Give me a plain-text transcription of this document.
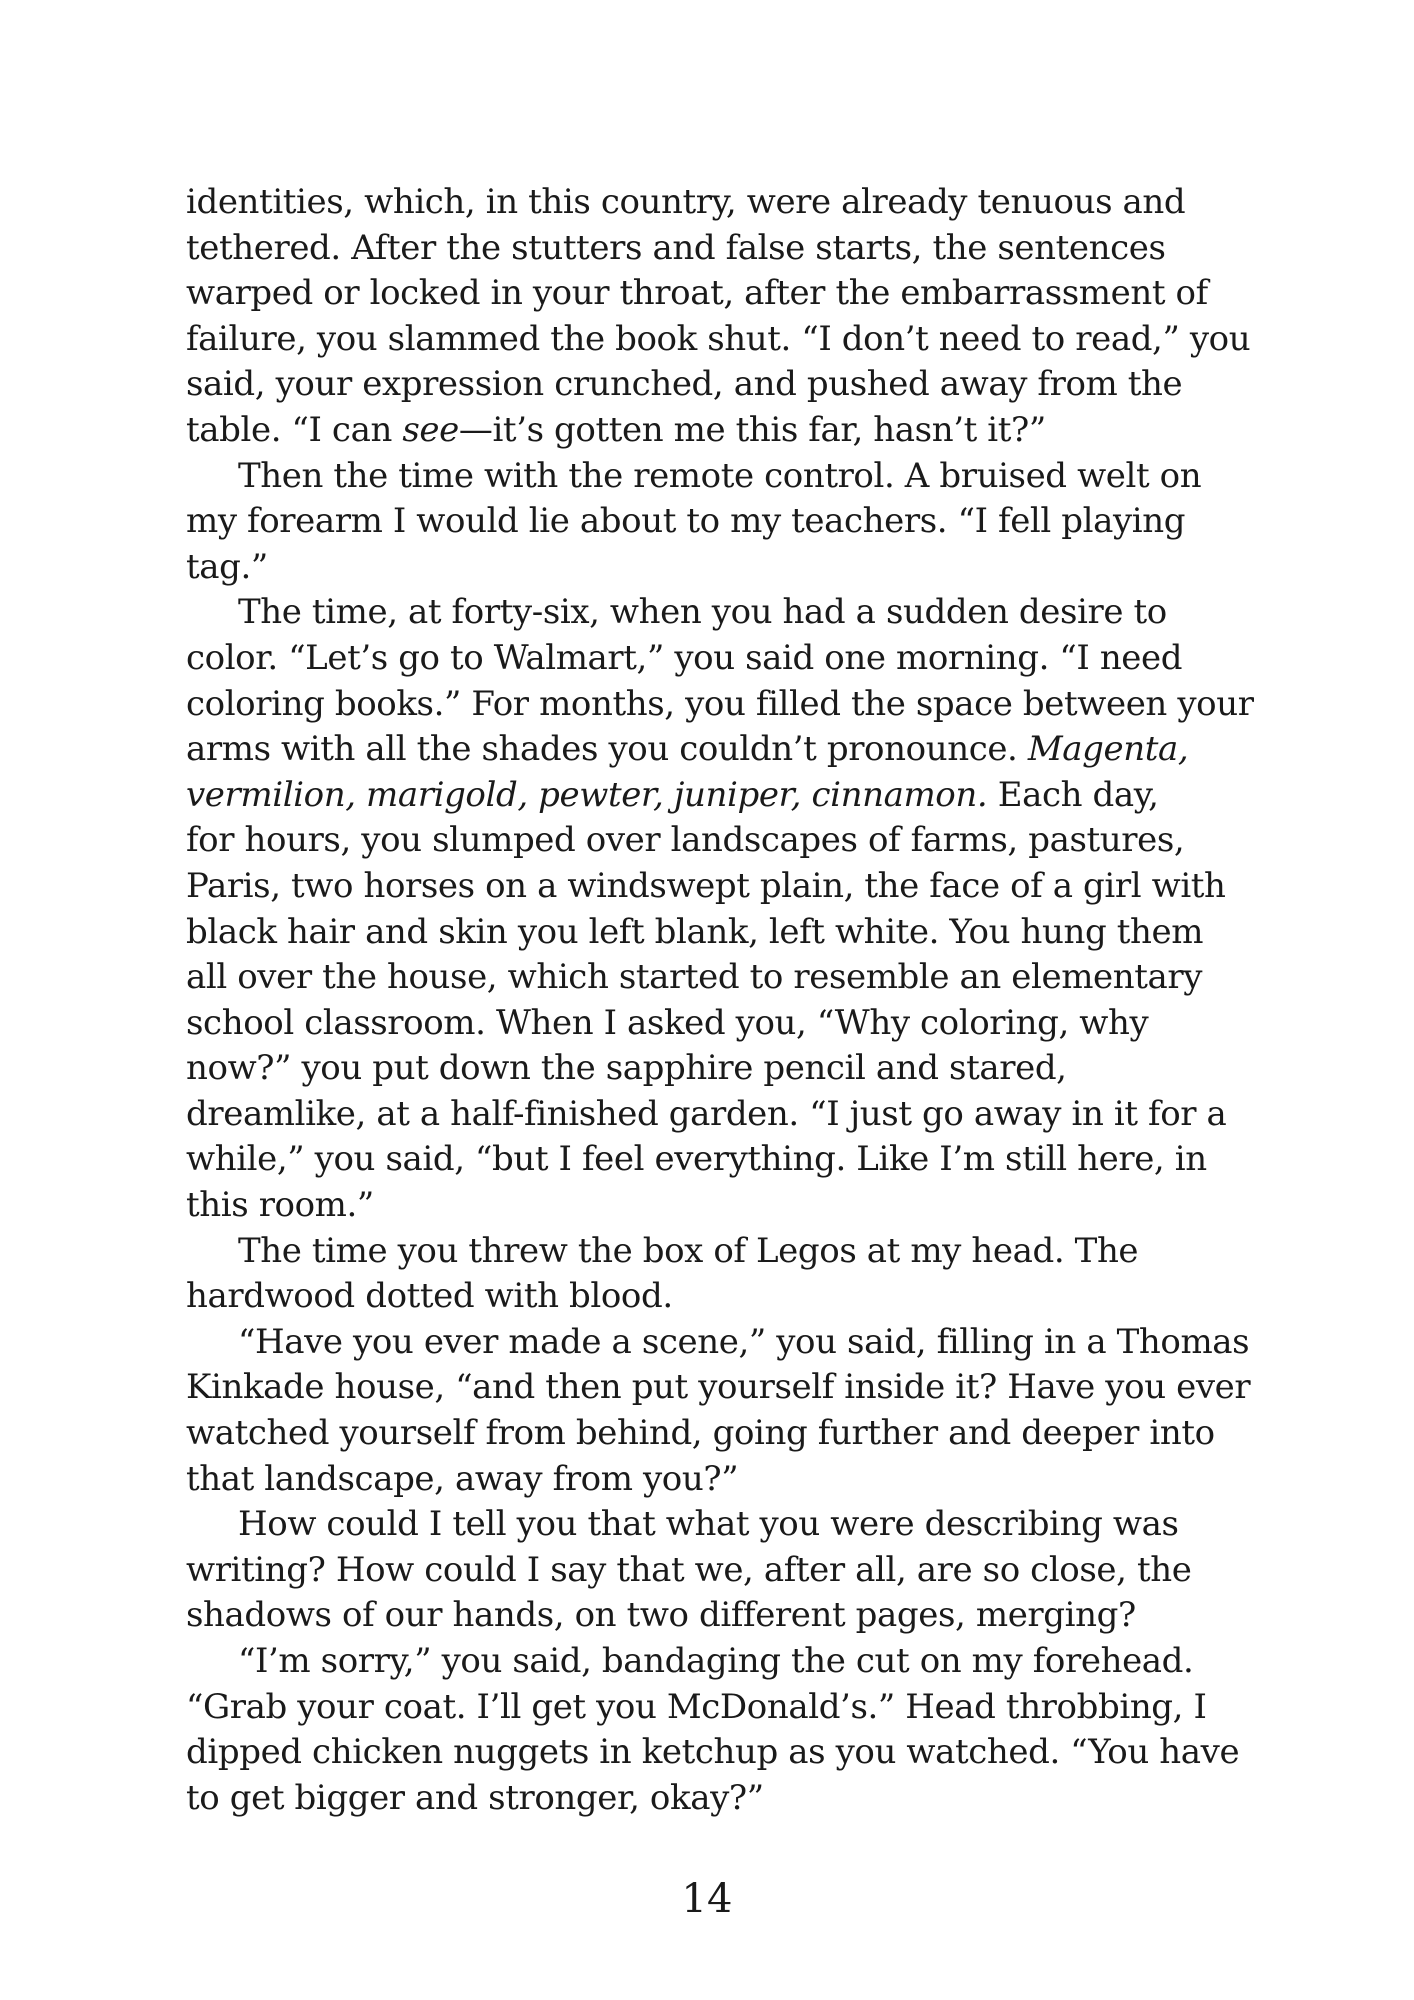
identities, which, in this country, were already tenuous and
tethered. After the stutters and false starts, the sentences
warped or locked in your throat, after the embarrassment of
failure, you slammed the book shut. “I don’t need to read,” you
said, your expression crunched, and pushed away from the
table. “I can see—it’s gotten me this far, hasn’t it?”
Then the time with the remote control. A bruised welt on
my forearm I would lie about to my teachers. “I fell playing
tag.”
The time, at forty-six, when you had a sudden desire to
color. “Let’s go to Walmart,” you said one morning. “I need
coloring books.” For months, you filled the space between your
arms with all the shades you couldn’t pronounce. Magenta,
vermilion, marigold, pewter, juniper, cinnamon. Each day,
for hours, you slumped over landscapes of farms, pastures,
Paris, two horses on a windswept plain, the face of a girl with
black hair and skin you left blank, left white. You hung them
all over the house, which started to resemble an elementary
school classroom. When I asked you, “Why coloring, why
now?” you put down the sapphire pencil and stared,
dreamlike, at a half-finished garden. “I just go away in it for a
while,” you said, “but I feel everything. Like I’m still here, in
this room.”
The time you threw the box of Legos at my head. The
hardwood dotted with blood.
“Have you ever made a scene,” you said, filling in a Thomas
Kinkade house, “and then put yourself inside it? Have you ever
watched yourself from behind, going further and deeper into
that landscape, away from you?”
How could I tell you that what you were describing was
writing? How could I say that we, after all, are so close, the
shadows of our hands, on two different pages, merging?
“I’m sorry,” you said, bandaging the cut on my forehead.
“Grab your coat. I’ll get you McDonald’s.” Head throbbing, I
dipped chicken nuggets in ketchup as you watched. “You have
to get bigger and stronger, okay?”
14
